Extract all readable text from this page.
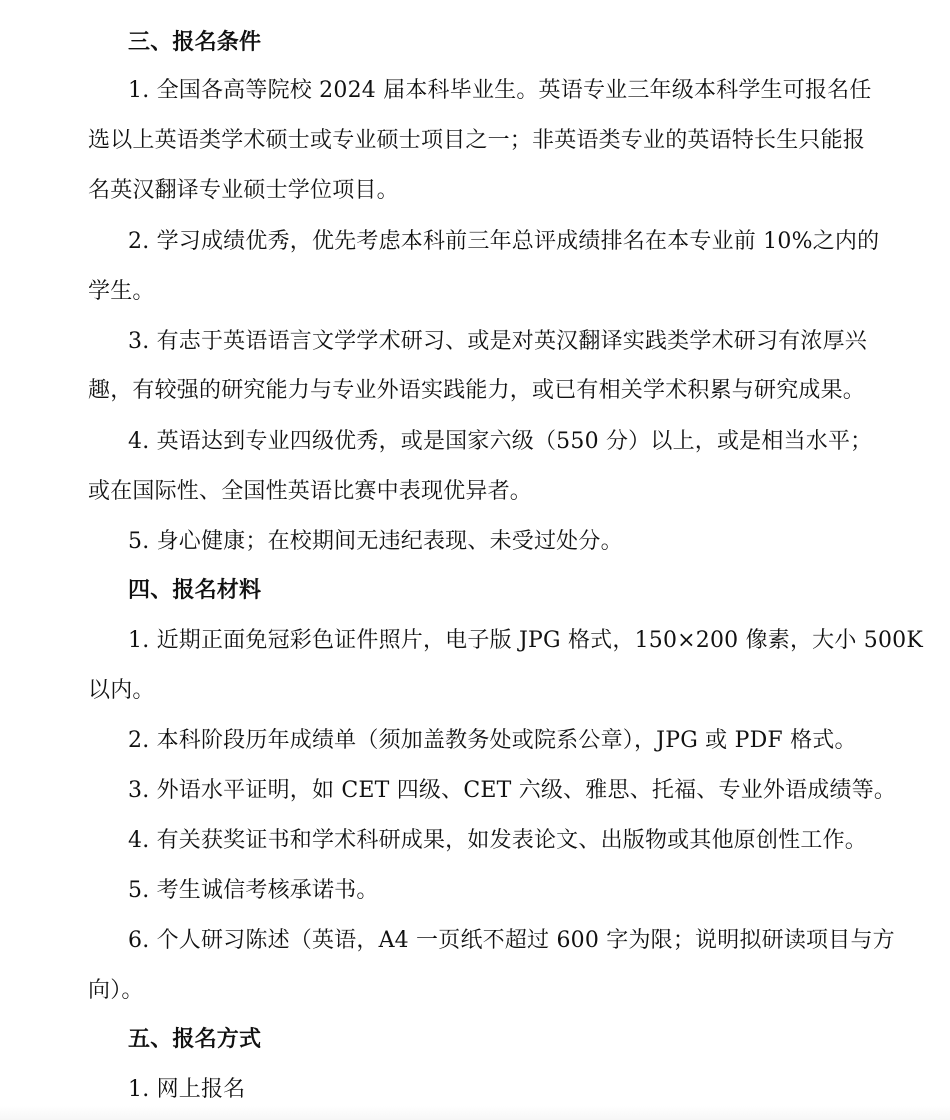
三、报名条件

1. 全国各高等院校 2024 届本科毕业生。英语专业三年级本科学生可报名任

选以上英语类学术硕士或专业硕士项目之一；非英语类专业的英语特长生只能报

名英汉翻译专业硕士学位项目。

2. 学习成绩优秀，优先考虑本科前三年总评成绩排名在本专业前 10%之内的

学生。

3. 有志于英语语言文学学术研习、或是对英汉翻译实践类学术研习有浓厚兴

趣，有较强的研究能力与专业外语实践能力，或已有相关学术积累与研究成果。

4. 英语达到专业四级优秀，或是国家六级（550 分）以上，或是相当水平；

或在国际性、全国性英语比赛中表现优异者。

5. 身心健康；在校期间无违纪表现、未受过处分。

四、报名材料

1. 近期正面免冠彩色证件照片，电子版 JPG 格式，150×200 像素，大小 500K

以内。

2. 本科阶段历年成绩单（须加盖教务处或院系公章），JPG 或 PDF 格式。

3. 外语水平证明，如 CET 四级、CET 六级、雅思、托福、专业外语成绩等。

4. 有关获奖证书和学术科研成果，如发表论文、出版物或其他原创性工作。

5. 考生诚信考核承诺书。

6. 个人研习陈述（英语，A4 一页纸不超过 600 字为限；说明拟研读项目与方

向）。

五、报名方式

1. 网上报名
